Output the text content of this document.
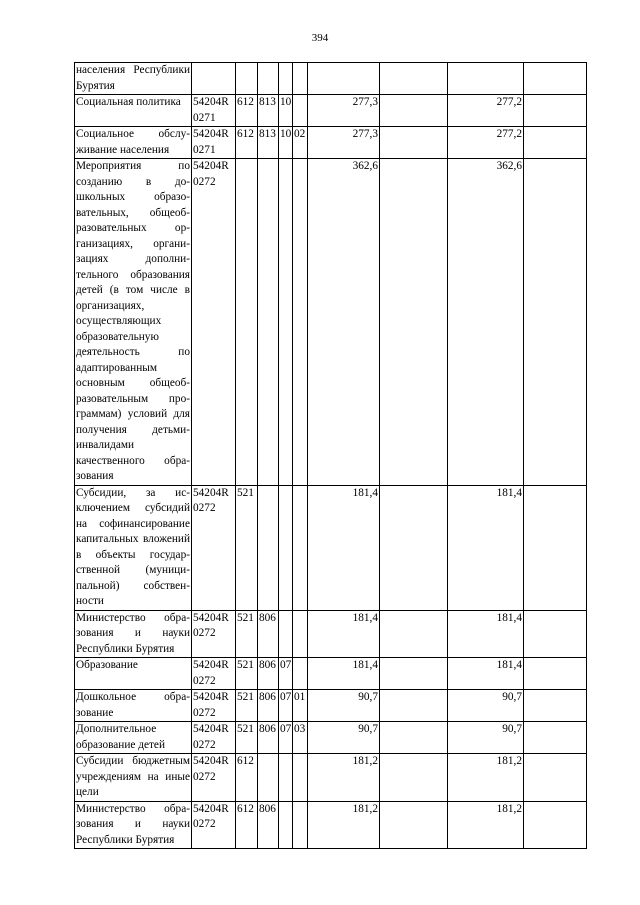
394
населения Республики Бурятия									
Социальная политика	54204R 0271	612	813	10		277,3		277,2	
Социальное обслуживание населения	54204R 0271	612	813	10	02	277,3		277,2	
Мероприятия по созданию в дошкольных образовательных, общеобразовательных организациях, организациях дополнительного образования детей (в том числе в организациях, осуществляющих образовательную деятельность по адаптированным основным общеобразовательным программам) условий для получения детьми-инвалидами качественного образования	54204R 0272					362,6		362,6	
Субсидии, за исключением субсидий на софинансирование капитальных вложений в объекты государственной (муниципальной) собственности	54204R 0272	521				181,4		181,4	
Министерство образования и науки Республики Бурятия	54204R 0272	521	806			181,4		181,4	
Образование	54204R 0272	521	806	07		181,4		181,4	
Дошкольное образование	54204R 0272	521	806	07	01	90,7		90,7	
Дополнительное образование детей	54204R 0272	521	806	07	03	90,7		90,7	
Субсидии бюджетным учреждениям на иные цели	54204R 0272	612				181,2		181,2	
Министерство образования и науки Республики Бурятия	54204R 0272	612	806			181,2		181,2	
